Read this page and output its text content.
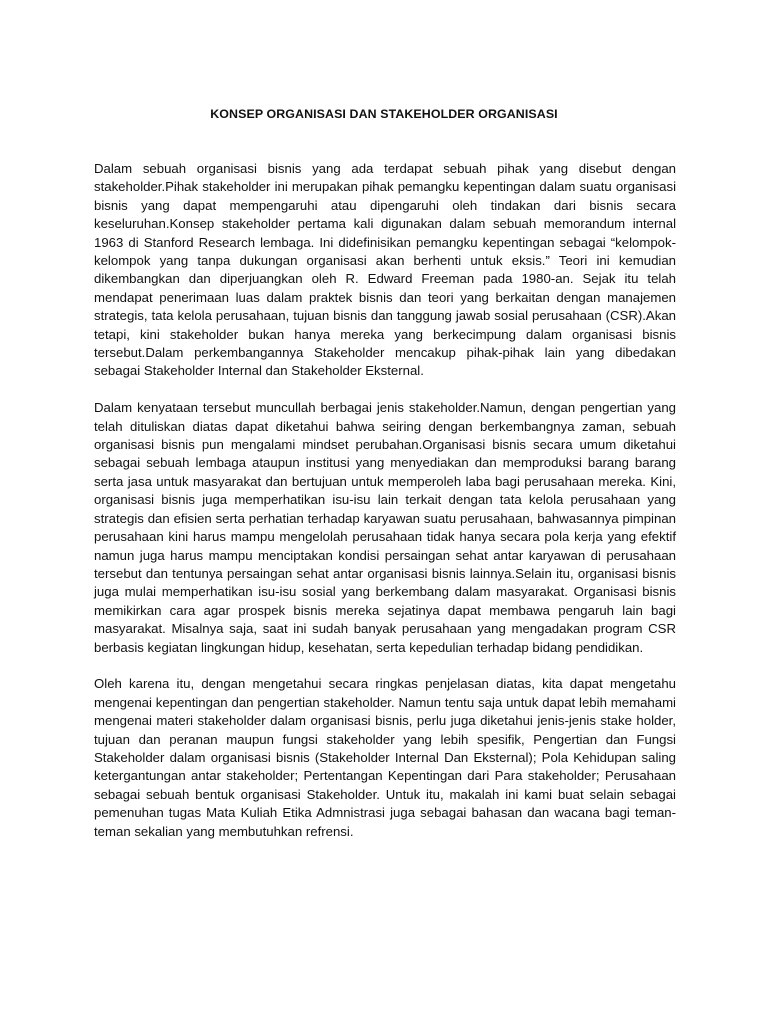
KONSEP ORGANISASI DAN STAKEHOLDER ORGANISASI

Dalam sebuah organisasi bisnis yang ada terdapat sebuah pihak yang disebut dengan stakeholder.Pihak stakeholder ini merupakan pihak pemangku kepentingan dalam suatu organisasi bisnis yang dapat mempengaruhi atau dipengaruhi oleh tindakan dari bisnis secara keseluruhan.Konsep stakeholder pertama kali digunakan dalam sebuah memorandum internal 1963 di Stanford Research lembaga. Ini didefinisikan pemangku kepentingan sebagai “kelompok-kelompok yang tanpa dukungan organisasi akan berhenti untuk eksis.” Teori ini kemudian dikembangkan dan diperjuangkan oleh R. Edward Freeman pada 1980-an. Sejak itu telah mendapat penerimaan luas dalam praktek bisnis dan teori yang berkaitan dengan manajemen strategis, tata kelola perusahaan, tujuan bisnis dan tanggung jawab sosial perusahaan (CSR).Akan tetapi, kini stakeholder bukan hanya mereka yang berkecimpung dalam organisasi bisnis tersebut.Dalam perkembangannya Stakeholder mencakup pihak-pihak lain yang dibedakan sebagai Stakeholder Internal dan Stakeholder Eksternal.

Dalam kenyataan tersebut muncullah berbagai jenis stakeholder.Namun, dengan pengertian yang telah dituliskan diatas dapat diketahui bahwa seiring dengan berkembangnya zaman, sebuah organisasi bisnis pun mengalami mindset perubahan.Organisasi bisnis secara umum diketahui sebagai sebuah lembaga ataupun institusi yang menyediakan dan memproduksi barang barang serta jasa untuk masyarakat dan bertujuan untuk memperoleh laba bagi perusahaan mereka. Kini, organisasi bisnis juga memperhatikan isu-isu lain terkait dengan tata kelola perusahaan yang strategis dan efisien serta perhatian terhadap karyawan suatu perusahaan, bahwasannya pimpinan perusahaan kini harus mampu mengelolah perusahaan tidak hanya secara pola kerja yang efektif namun juga harus mampu menciptakan kondisi persaingan sehat antar karyawan di perusahaan tersebut dan tentunya persaingan sehat antar organisasi bisnis lainnya.Selain itu, organisasi bisnis juga mulai memperhatikan isu-isu sosial yang berkembang dalam masyarakat. Organisasi bisnis memikirkan cara agar prospek bisnis mereka sejatinya dapat membawa pengaruh lain bagi masyarakat. Misalnya saja, saat ini sudah banyak perusahaan yang mengadakan program CSR berbasis kegiatan lingkungan hidup, kesehatan, serta kepedulian terhadap bidang pendidikan.

Oleh karena itu, dengan mengetahui secara ringkas penjelasan diatas, kita dapat mengetahu mengenai kepentingan dan pengertian stakeholder. Namun tentu saja untuk dapat lebih memahami mengenai materi stakeholder dalam organisasi bisnis, perlu juga diketahui jenis-jenis stake holder, tujuan dan peranan maupun fungsi stakeholder yang lebih spesifik, Pengertian dan Fungsi Stakeholder dalam organisasi bisnis (Stakeholder Internal Dan Eksternal); Pola Kehidupan saling ketergantungan antar stakeholder; Pertentangan Kepentingan dari Para stakeholder; Perusahaan sebagai sebuah bentuk organisasi Stakeholder. Untuk itu, makalah ini kami buat selain sebagai pemenuhan tugas Mata Kuliah Etika Admnistrasi juga sebagai bahasan dan wacana bagi teman-teman sekalian yang membutuhkan refrensi.
